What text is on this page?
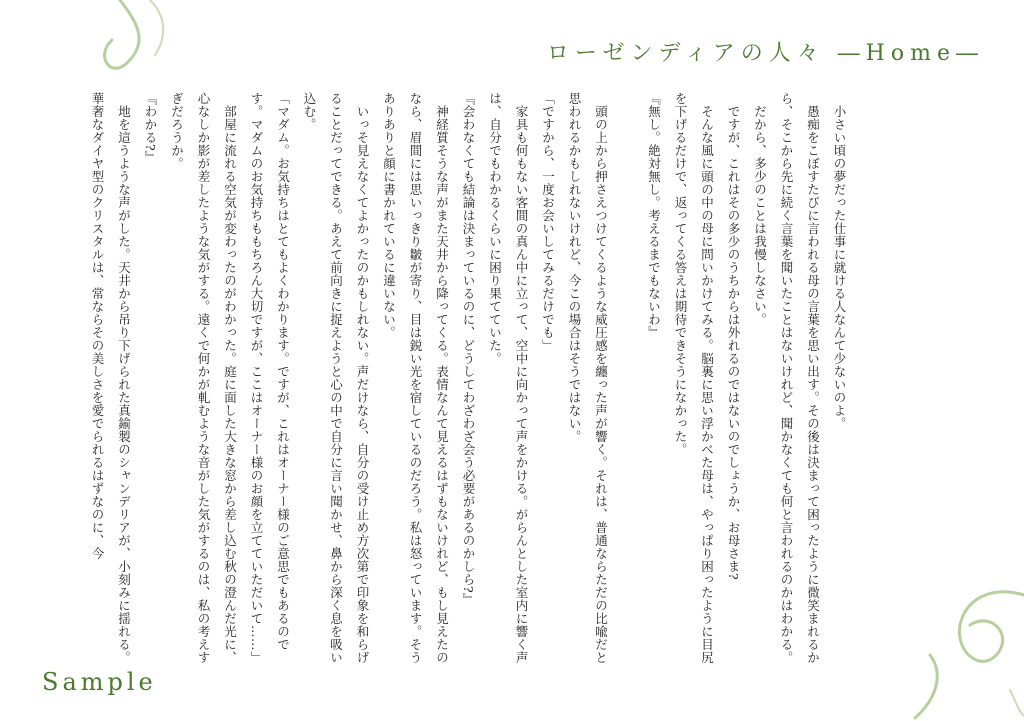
ローゼンディアの人々 ―Home―

小さい頃の夢だった仕事に就ける人なんて少ないのよ。

愚痴をこぼすたびに言われる母の言葉を思い出す。その後は決まって困ったように微笑まれるから、そこから先に続く言葉を聞いたことはないけれど、聞かなくても何と言われるのかはわかる。

だから、多少のことは我慢しなさい。

ですが、これはその多少のうちからは外れるのではないのでしょうか、お母さま?

そんな風に頭の中の母に問いかけてみる。脳裏に思い浮かべた母は、やっぱり困ったように目尻を下げるだけで、返ってくる答えは期待できそうになかった。

『無し。絶対無し。考えるまでもないわ』

頭の上から押さえつけてくるような威圧感を纏った声が響く。それは、普通ならただの比喩だと思われるかもしれないけれど、今この場合はそうではない。

「ですから、一度お会いしてみるだけでも」

家具も何もない客間の真ん中に立って、空中に向かって声をかける。がらんとした室内に響く声は、自分でもわかるくらいに困り果てていた。

『会わなくても結論は決まっているのに、どうしてわざわざ会う必要があるのかしら?』

神経質そうな声がまた天井から降ってくる。表情なんて見えるはずもないけれど、もし見えたのなら、眉間には思いっきり皺が寄り、目は鋭い光を宿しているのだろう。私は怒っています。そうありありと顔に書かれているに違いない。

いっそ見えなくてよかったのかもしれない。声だけなら、自分の受け止め方次第で印象を和らげることだってできる。あえて前向きに捉えようと心の中で自分に言い聞かせ、鼻から深く息を吸い込む。

「マダム。お気持ちはとてもよくわかります。ですが、これはオーナー様のご意思でもあるのです。マダムのお気持ちももちろん大切ですが、ここはオーナー様のお顔を立てていただいて……」

部屋に流れる空気が変わったのがわかった。庭に面した大きな窓から差し込む秋の澄んだ光に、心なしか影が差したような気がする。遠くで何かが軋むような音がした気がするのは、私の考えすぎだろうか。

『わかる?』

地を這うような声がした。天井から吊り下げられた真鍮製のシャンデリアが、小刻みに揺れる。華奢なダイヤ型のクリスタルは、常ならその美しさを愛でられるはずなのに、今

Sample
